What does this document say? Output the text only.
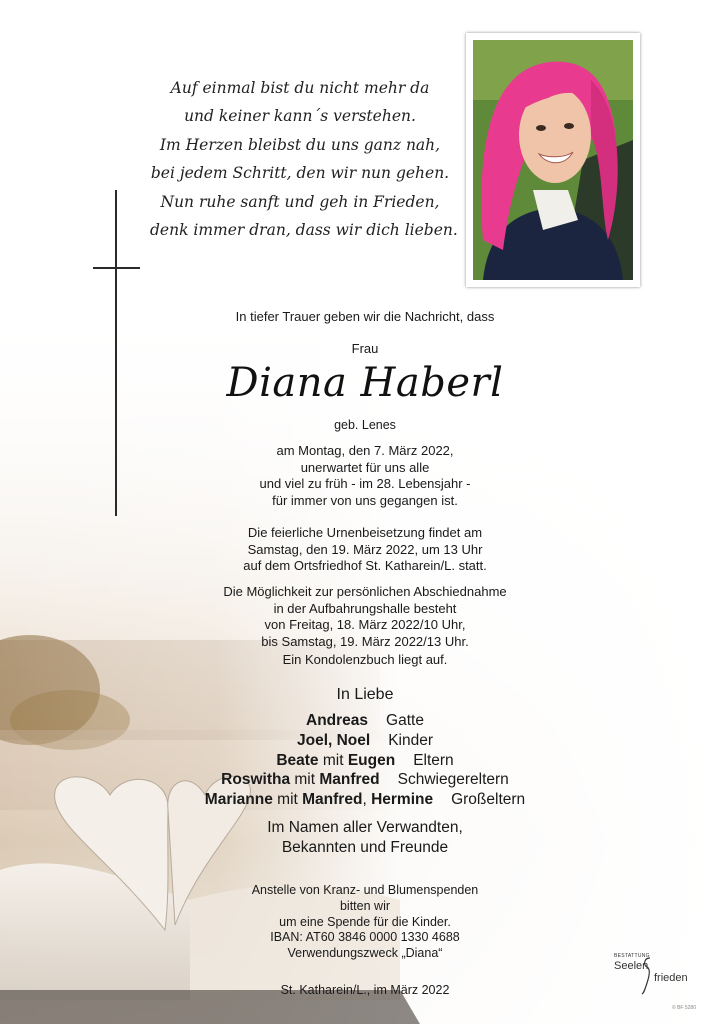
Auf einmal bist du nicht mehr da
und keiner kann´s verstehen.
Im Herzen bleibst du uns ganz nah,
bei jedem Schritt, den wir nun gehen.
Nun ruhe sanft und geh in Frieden,
denk immer dran, dass wir dich lieben.
In tiefer Trauer geben wir die Nachricht, dass
Frau
Diana Haberl
geb. Lenes
am Montag, den 7. März 2022,
unerwartet für uns alle
und viel zu früh - im 28. Lebensjahr -
für immer von uns gegangen ist.
Die feierliche Urnenbeisetzung findet am
Samstag, den 19. März 2022, um 13 Uhr
auf dem Ortsfriedhof St. Katharein/L. statt.
Die Möglichkeit zur persönlichen Abschiednahme
in der Aufbahrungshalle besteht
von Freitag, 18. März 2022/10 Uhr,
bis Samstag, 19. März 2022/13 Uhr.
Ein Kondolenzbuch liegt auf.
In Liebe
Andreas Gatte
Joel, Noel Kinder
Beate mit Eugen Eltern
Roswitha mit Manfred Schwiegereltern
Marianne mit Manfred, Hermine Großeltern
Im Namen aller Verwandten,
Bekannten und Freunde
Anstelle von Kranz- und Blumenspenden
bitten wir
um eine Spende für die Kinder.
IBAN: AT60 3846 0000 1330 4688
Verwendungszweck „Diana“
St. Katharein/L., im März 2022
BESTATTUNG
Seelen
frieden
© BF 5280
